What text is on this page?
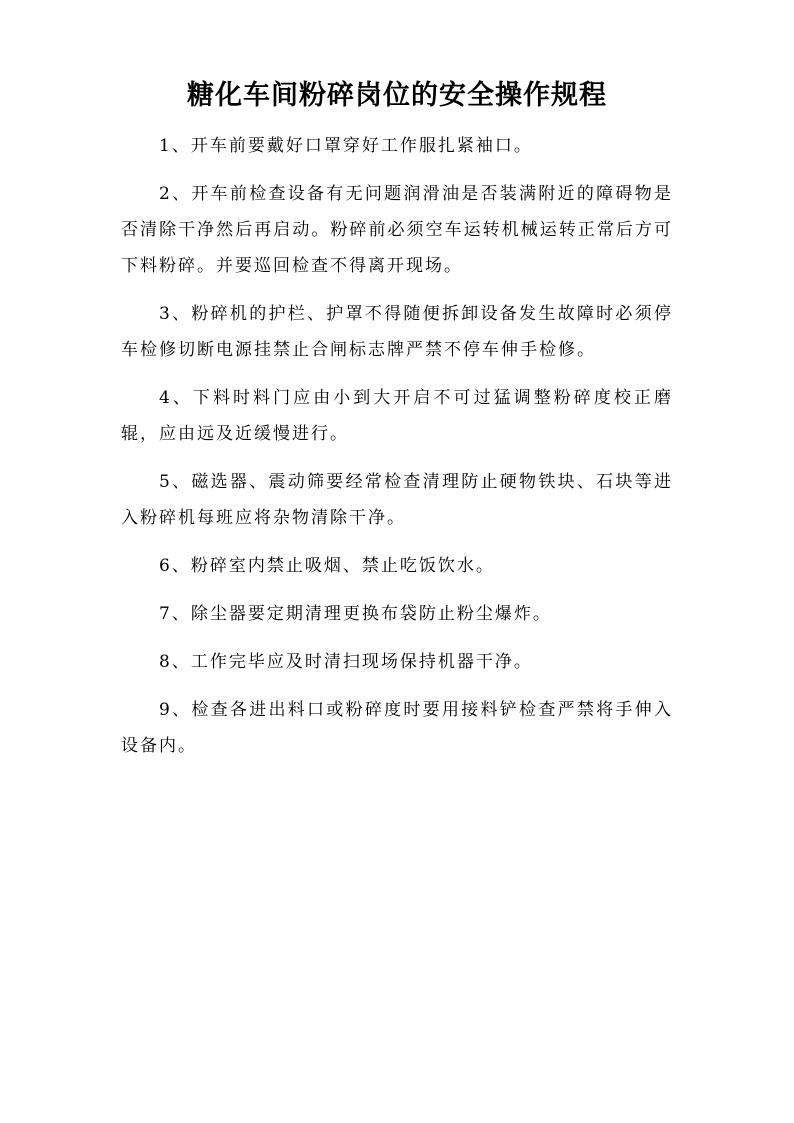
糖化车间粉碎岗位的安全操作规程

1、开车前要戴好口罩穿好工作服扎紧袖口。

2、开车前检查设备有无问题润滑油是否装满附近的障碍物是否清除干净然后再启动。粉碎前必须空车运转机械运转正常后方可下料粉碎。并要巡回检查不得离开现场。

3、粉碎机的护栏、护罩不得随便拆卸设备发生故障时必须停车检修切断电源挂禁止合闸标志牌严禁不停车伸手检修。

4、下料时料门应由小到大开启不可过猛调整粉碎度校正磨辊，应由远及近缓慢进行。

5、磁选器、震动筛要经常检查清理防止硬物铁块、石块等进入粉碎机每班应将杂物清除干净。

6、粉碎室内禁止吸烟、禁止吃饭饮水。

7、除尘器要定期清理更换布袋防止粉尘爆炸。

8、工作完毕应及时清扫现场保持机器干净。

9、检查各进出料口或粉碎度时要用接料铲检查严禁将手伸入设备内。
